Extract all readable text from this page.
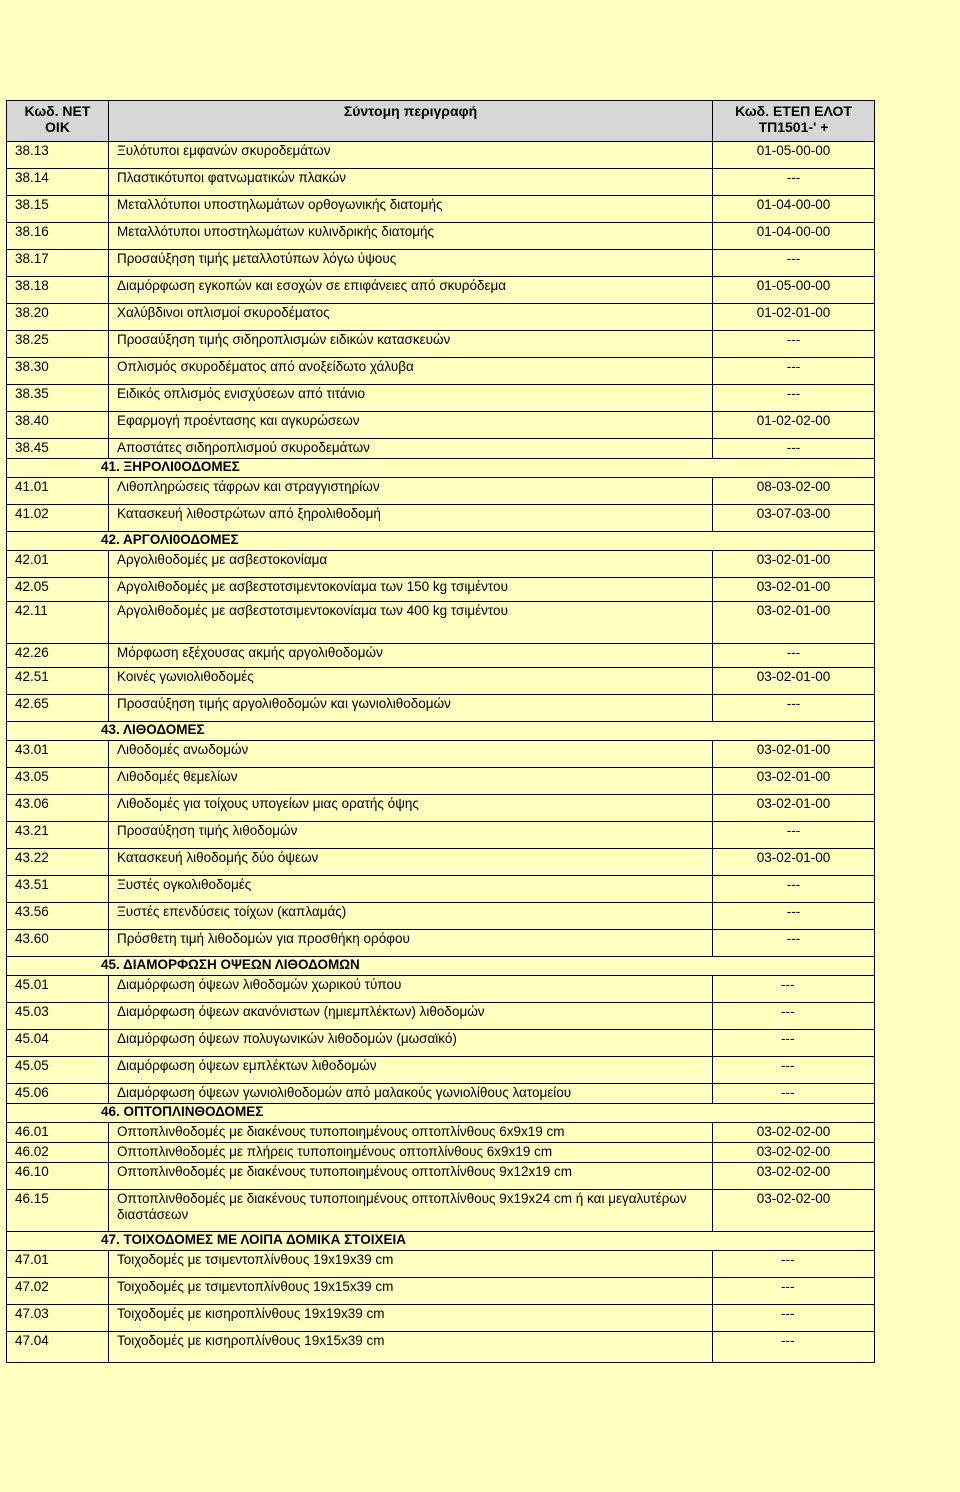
Κωδ. ΝΕΤ ΟΙΚ	Σύντομη περιγραφή	Κωδ. ΕΤΕΠ ΕΛΟΤ ΤΠ1501-' +
38.13	Ξυλότυποι εμφανών σκυροδεμάτων	01-05-00-00
38.14	Πλαστικότυποι φατνωματικών πλακών	---
38.15	Μεταλλότυποι υποστηλωμάτων ορθογωνικής διατομής	01-04-00-00
38.16	Μεταλλότυποι υποστηλωμάτων κυλινδρικής διατομής	01-04-00-00
38.17	Προσαύξηση τιμής μεταλλοτύπων λόγω ύψους	---
38.18	Διαμόρφωση εγκοπών και εσοχών σε επιφάνειες από σκυρόδεμα	01-05-00-00
38.20	Χαλύβδινοι οπλισμοί σκυροδέματος	01-02-01-00
38.25	Προσαύξηση τιμής σιδηροπλισμών ειδικών κατασκευών	---
38.30	Οπλισμός σκυροδέματος από ανοξείδωτο χάλυβα	---
38.35	Ειδικός οπλισμός ενισχύσεων από τιτάνιο	---
38.40	Εφαρμογή προέντασης και αγκυρώσεων	01-02-02-00
38.45	Αποστάτες σιδηροπλισμού σκυροδεμάτων	---
41. ΞΗΡΟΛΙ0ΟΔΟΜΕΣ		
41.01	Λιθοπληρώσεις τάφρων και στραγγιστηρίων	08-03-02-00
41.02	Κατασκευή λιθοστρώτων από ξηρολιθοδομή	03-07-03-00
42. ΑΡΓΟΛΙ0ΟΔΟΜΕΣ		
42.01	Αργολιθοδομές με ασβεστοκονίαμα	03-02-01-00
42.05	Αργολιθοδομές με ασβεστοτσιμεντοκονίαμα των 150 kg τσιμέντου	03-02-01-00
42.11	Αργολιθοδομές με ασβεστοτσιμεντοκονίαμα των 400 kg τσιμέντου	03-02-01-00
42.26	Μόρφωση εξέχουσας ακμής αργολιθοδομών	---
42.51	Κοινές γωνιολιθοδομές	03-02-01-00
42.65	Προσαύξηση τιμής αργολιθοδομών και γωνιολιθοδομών	---
43. ΛΙΘΟΔΟΜΕΣ		
43.01	Λιθοδομές ανωδομών	03-02-01-00
43.05	Λιθοδομές θεμελίων	03-02-01-00
43.06	Λιθοδομές για τοίχους υπογείων μιας ορατής όψης	03-02-01-00
43.21	Προσαύξηση τιμής λιθοδομών	---
43.22	Κατασκευή λιθοδομής δύο όψεων	03-02-01-00
43.51	Ξυστές ογκολιθοδομές	---
43.56	Ξυστές επενδύσεις τοίχων (καπλαμάς)	---
43.60	Πρόσθετη τιμή λιθοδομών για προσθήκη ορόφου	---
45. ΔΙΑΜΟΡΦΩΣΗ ΟΨΕΩΝ ΛΙΘΟΔΟΜΩΝ		
45.01	Διαμόρφωση όψεων λιθοδομών χωρικού τύπου	---
45.03	Διαμόρφωση όψεων ακανόνιστων (ημιεμπλέκτων) λιθοδομών	---
45.04	Διαμόρφωση όψεων πολυγωνικών λιθοδομών (μωσαϊκό)	---
45.05	Διαμόρφωση όψεων εμπλέκτων λιθοδομών	---
45.06	Διαμόρφωση όψεων γωνιολιθοδομών από μαλακούς γωνιολίθους λατομείου	---
46. ΟΠΤΟΠΛΙΝΘΟΔΟΜΕΣ		
46.01	Οπτοπλινθοδομές με διακένους τυποποιημένους οπτοπλίνθους 6x9x19 cm	03-02-02-00
46.02	Οπτοπλινθοδομές με πλήρεις τυποποιημένους οπτοπλίνθους 6x9x19 cm	03-02-02-00
46.10	Οπτοπλινθοδομές με διακένους τυποποιημένους οπτοπλίνθους 9x12x19 cm	03-02-02-00
46.15	Οπτοπλινθοδομές με διακένους τυποποιημένους οπτοπλίνθους 9x19x24 cm ή και μεγαλυτέρων διαστάσεων	03-02-02-00
47. ΤΟΙΧΟΔΟΜΕΣ ΜΕ ΛΟΙΠΑ ΔΟΜΙΚΑ ΣΤΟΙΧΕΙΑ		
47.01	Τοιχοδομές με τσιμεντοπλίνθους 19x19x39 cm	---
47.02	Τοιχοδομές με τσιμεντοπλίνθους 19x15x39 cm	---
47.03	Τοιχοδομές με κισηροπλίνθους 19x19x39 cm	---
47.04	Τοιχοδομές με κισηροπλίνθους 19x15x39 cm	---
